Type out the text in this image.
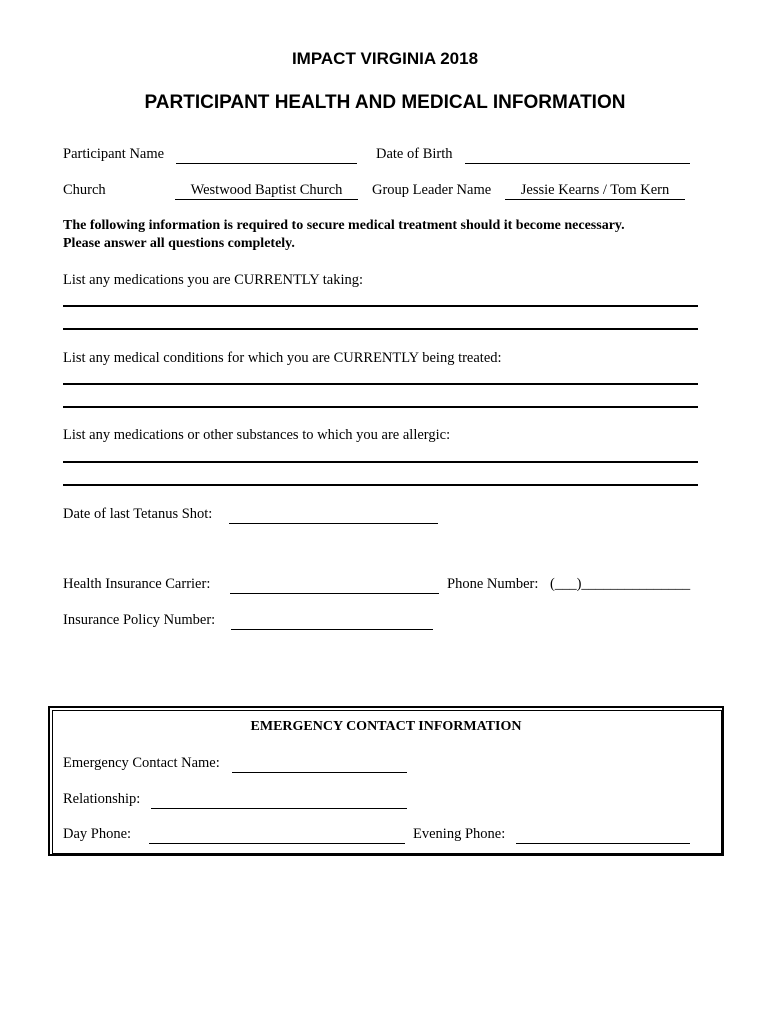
IMPACT VIRGINIA 2018
PARTICIPANT HEALTH AND MEDICAL INFORMATION
Participant Name	Date of Birth
Church	Westwood Baptist Church	Group Leader Name	Jessie Kearns / Tom Kern
The following information is required to secure medical treatment should it become necessary.
Please answer all questions completely.
List any medications you are CURRENTLY taking:
List any medical conditions for which you are CURRENTLY being treated:
List any medications or other substances to which you are allergic:
Date of last Tetanus Shot:
Health Insurance Carrier:	Phone Number: (___)_______________
Insurance Policy Number:
EMERGENCY CONTACT INFORMATION
Emergency Contact Name:
Relationship:
Day Phone:	Evening Phone:
